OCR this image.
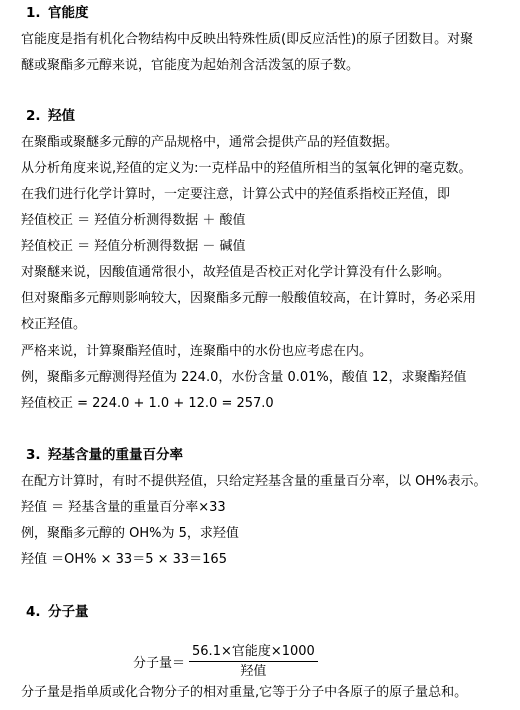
1. 官能度
官能度是指有机化合物结构中反映出特殊性质(即反应活性)的原子团数目。对聚
醚或聚酯多元醇来说，官能度为起始剂含活泼氢的原子数。
2. 羟值
在聚酯或聚醚多元醇的产品规格中，通常会提供产品的羟值数据。
从分析角度来说,羟值的定义为:一克样品中的羟值所相当的氢氧化钾的毫克数。
在我们进行化学计算时，一定要注意，计算公式中的羟值系指校正羟值，即
羟值校正 ＝ 羟值分析测得数据 ＋ 酸值
羟值校正 ＝ 羟值分析测得数据 － 碱值
对聚醚来说，因酸值通常很小，故羟值是否校正对化学计算没有什么影响。
但对聚酯多元醇则影响较大，因聚酯多元醇一般酸值较高，在计算时，务必采用
校正羟值。
严格来说，计算聚酯羟值时，连聚酯中的水份也应考虑在内。
例，聚酯多元醇测得羟值为 224.0，水份含量 0.01%，酸值 12，求聚酯羟值
羟值校正 = 224.0 + 1.0 + 12.0 = 257.0
3. 羟基含量的重量百分率
在配方计算时，有时不提供羟值，只给定羟基含量的重量百分率，以 OH%表示。
羟值 ＝ 羟基含量的重量百分率×33
例，聚酯多元醇的 OH%为 5，求羟值
羟值 ＝OH% × 33＝5 × 33＝165
4. 分子量
分子量＝ $\frac{\text{56.1×官能度×1000}}{\text{羟值}}$
分子量是指单质或化合物分子的相对重量,它等于分子中各原子的原子量总和。
